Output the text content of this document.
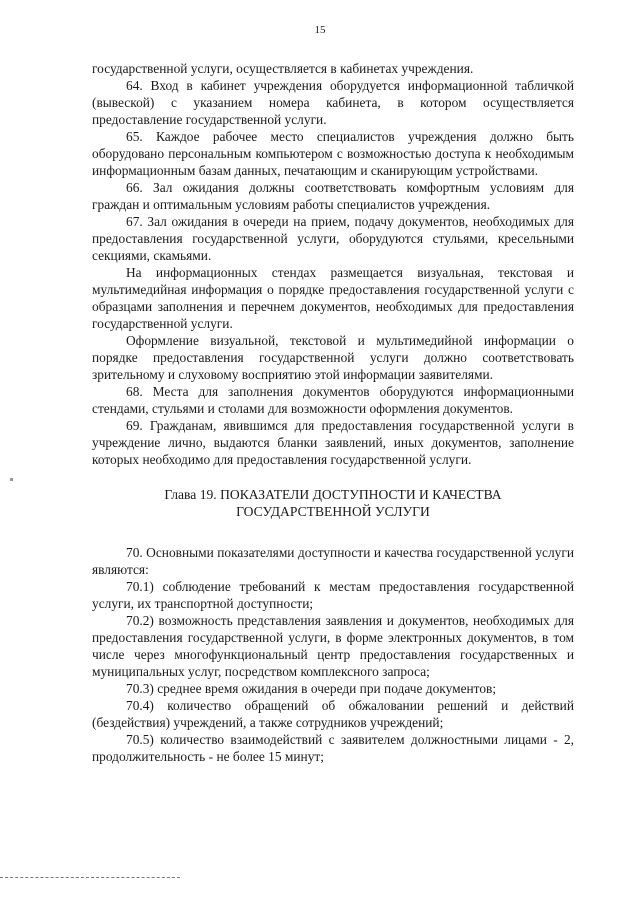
15

государственной услуги, осуществляется в кабинетах учреждения.

64. Вход в кабинет учреждения оборудуется информационной табличкой (вывеской) с указанием номера кабинета, в котором осуществляется предоставление государственной услуги.

65. Каждое рабочее место специалистов учреждения должно быть оборудовано персональным компьютером с возможностью доступа к необходимым информационным базам данных, печатающим и сканирующим устройствами.

66. Зал ожидания должны соответствовать комфортным условиям для граждан и оптимальным условиям работы специалистов учреждения.

67. Зал ожидания в очереди на прием, подачу документов, необходимых для предоставления государственной услуги, оборудуются стульями, кресельными секциями, скамьями.

На информационных стендах размещается визуальная, текстовая и мультимедийная информация о порядке предоставления государственной услуги с образцами заполнения и перечнем документов, необходимых для предоставления государственной услуги.

Оформление визуальной, текстовой и мультимедийной информации о порядке предоставления государственной услуги должно соответствовать зрительному и слуховому восприятию этой информации заявителями.

68. Места для заполнения документов оборудуются информационными стендами, стульями и столами для возможности оформления документов.

69. Гражданам, явившимся для предоставления государственной услуги в учреждение лично, выдаются бланки заявлений, иных документов, заполнение которых необходимо для предоставления государственной услуги.

Глава 19. ПОКАЗАТЕЛИ ДОСТУПНОСТИ И КАЧЕСТВА
ГОСУДАРСТВЕННОЙ УСЛУГИ

70. Основными показателями доступности и качества государственной услуги являются:

70.1) соблюдение требований к местам предоставления государственной услуги, их транспортной доступности;

70.2) возможность представления заявления и документов, необходимых для предоставления государственной услуги, в форме электронных документов, в том числе через многофункциональный центр предоставления государственных и муниципальных услуг, посредством комплексного запроса;

70.3) среднее время ожидания в очереди при подаче документов;

70.4) количество обращений об обжаловании решений и действий (бездействия) учреждений, а также сотрудников учреждений;

70.5) количество взаимодействий с заявителем должностными лицами - 2, продолжительность - не более 15 минут;
